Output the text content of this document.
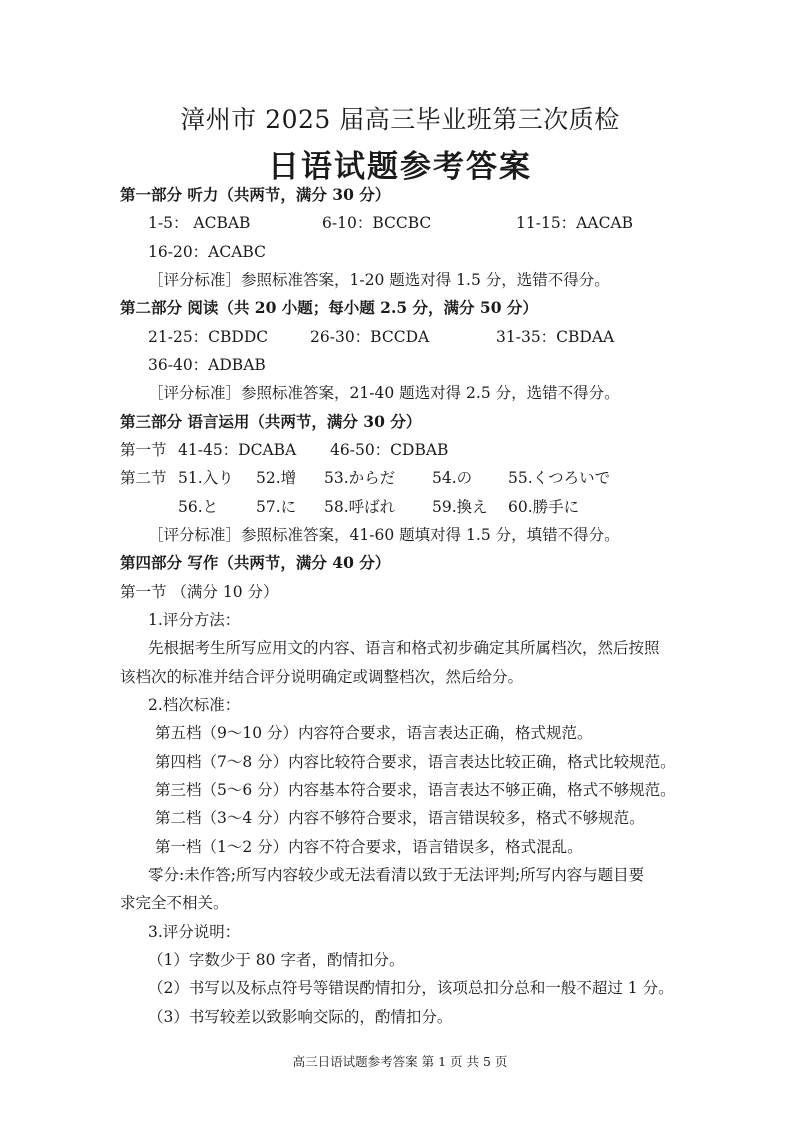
漳州市 2025 届高三毕业班第三次质检
日语试题参考答案
第一部分 听力（共两节，满分 30 分）
1-5： ACBAB	6-10：BCCBC	11-15：AACAB
16-20：ACABC
［评分标准］参照标准答案，1-20 题选对得 1.5 分，选错不得分。
第二部分 阅读（共 20 小题；每小题 2.5 分，满分 50 分）
21-25：CBDDC	26-30：BCCDA	31-35：CBDAA
36-40：ADBAB
［评分标准］参照标准答案，21-40 题选对得 2.5 分，选错不得分。
第三部分 语言运用（共两节，满分 30 分）
第一节 41-45：DCABA 46-50：CDBAB
第二节 51.入り 52.增 53.からだ 54.の 55.くつろいで
56.と 57.に 58.呼ばれ 59.換え 60.勝手に
［评分标准］参照标准答案，41-60 题填对得 1.5 分，填错不得分。
第四部分 写作（共两节，满分 40 分）
第一节 （满分 10 分）
1.评分方法：
先根据考生所写应用文的内容、语言和格式初步确定其所属档次，然后按照
该档次的标准并结合评分说明确定或调整档次，然后给分。
2.档次标准：
第五档（9～10 分）内容符合要求，语言表达正确，格式规范。
第四档（7～8 分）内容比较符合要求，语言表达比较正确，格式比较规范。
第三档（5～6 分）内容基本符合要求，语言表达不够正确，格式不够规范。
第二档（3～4 分）内容不够符合要求，语言错误较多，格式不够规范。
第一档（1～2 分）内容不符合要求，语言错误多，格式混乱。
零分:未作答;所写内容较少或无法看清以致于无法评判;所写内容与题目要
求完全不相关。
3.评分说明：
（1）字数少于 80 字者，酌情扣分。
（2）书写以及标点符号等错误酌情扣分，该项总扣分总和一般不超过 1 分。
（3）书写较差以致影响交际的，酌情扣分。
高三日语试题参考答案 第 1 页 共 5 页
